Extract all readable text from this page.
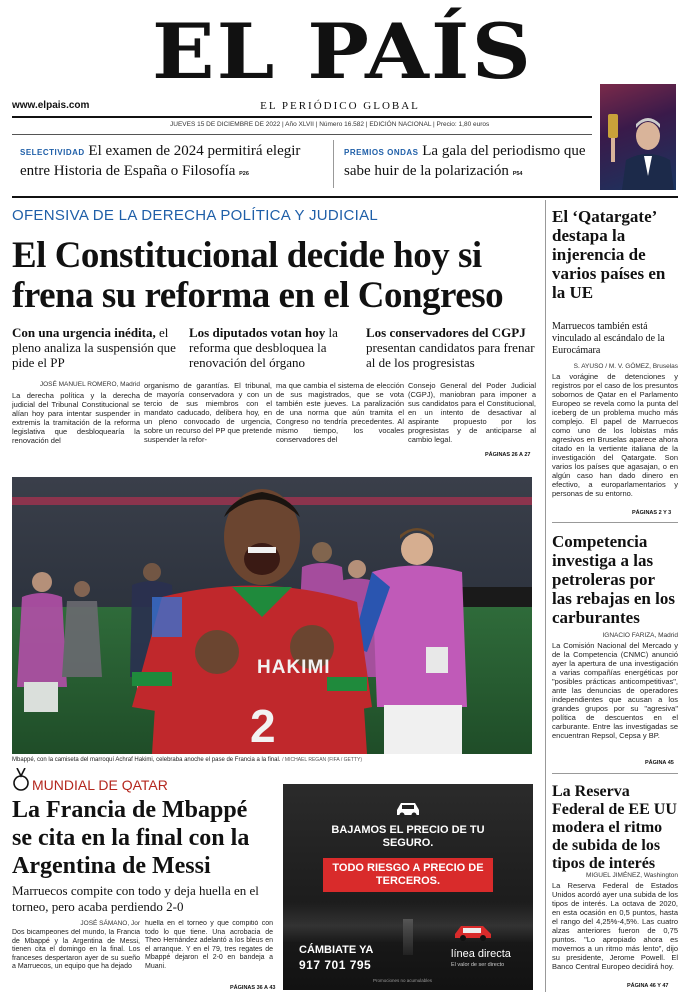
EL PAÍS
www.elpais.com	EL PERIÓDICO GLOBAL
JUEVES 15 DE DICIEMBRE DE 2022 | Año XLVII | Número 16.582 | EDICIÓN NACIONAL | Precio: 1,80 euros
SELECTIVIDAD El examen de 2024 permitirá elegir entre Historia de España o Filosofía P26
PREMIOS ONDAS La gala del periodismo que sabe huir de la polarización P54
OFENSIVA DE LA DERECHA POLÍTICA Y JUDICIAL
El Constitucional decide hoy si frena su reforma en el Congreso
Con una urgencia inédita, el pleno analiza la suspensión que pide el PP
Los diputados votan hoy la reforma que desbloquea la renovación del órgano
Los conservadores del CGPJ presentan candidatos para frenar al de los progresistas
JOSÉ MANUEL ROMERO, Madrid
La derecha política y la derecha judicial del Tribunal Constitucional se alían hoy para intentar suspender in extremis la tramitación de la reforma legislativa que desbloquearía la renovación del
organismo de garantías. El tribunal, de mayoría conservadora y con un tercio de sus miembros con el mandato caducado, delibera hoy, en un pleno convocado de urgencia, sobre un recurso del PP que pretende suspender la refor-
ma que cambia el sistema de elección de sus magistrados, que se vota también este jueves. La paralización de una norma que aún tramita el Congreso no tendría precedentes. Al mismo tiempo, los vocales conservadores del
Consejo General del Poder Judicial (CGPJ), maniobran para imponer a sus candidatos para el Constitucional, en un intento de desactivar al aspirante propuesto por los progresistas y de anticiparse al cambio legal.
PÁGINAS 26 A 27
2
HAKIMI
Mbappé, con la camiseta del marroquí Achraf Hakimi, celebraba anoche el pase de Francia a la final. / MICHAEL REGAN (FIFA / GETTY)
MUNDIAL DE QATAR
La Francia de Mbappé se cita en la final con la Argentina de Messi
Marruecos compite con todo y deja huella en el torneo, pero acaba perdiendo 2-0
JOSÉ SÁMANO, Jor
Dos bicampeones del mundo, la Francia de Mbappé y la Argentina de Messi, tienen cita el domingo en la final. Los franceses despertaron ayer de su sueño a Marruecos, un equipo que ha dejado
huella en el torneo y que compitió con todo lo que tiene. Una acrobacia de Theo Hernández adelantó a los bleus en el arranque. Y en el 79, tres regates de Mbappé dejaron el 2-0 en bandeja a Muani.
PÁGINAS 36 A 43
BAJAMOS EL PRECIO DE TU SEGURO.
TODO RIESGO A PRECIO DE TERCEROS.
CÁMBIATE YA
917 701 795
línea directa
El valor de ser directo
Promociones no acumulables
El ‘Qatargate’ destapa la injerencia de varios países en la UE
Marruecos también está vinculado al escándalo de la Eurocámara
S. AYUSO / M. V. GÓMEZ, Bruselas
La vorágine de detenciones y registros por el caso de los presuntos sobornos de Qatar en el Parlamento Europeo se revela como la punta del iceberg de un problema mucho más complejo. El papel de Marruecos como uno de los lobistas más agresivos en Bruselas aparece ahora citado en la vertiente italiana de la investigación del Qatargate. Son varios los países que agasajan, o en algún caso han dado dinero en efectivo, a europarlamentarios y personas de su entorno.
PÁGINAS 2 Y 3
Competencia investiga a las petroleras por las rebajas en los carburantes
IGNACIO FARIZA, Madrid
La Comisión Nacional del Mercado y de la Competencia (CNMC) anunció ayer la apertura de una investigación a varias compañías energéticas por "posibles prácticas anticompetitivas", ante las denuncias de operadores independientes que acusan a los grandes grupos por su "agresiva" política de descuentos en el carburante. Entre las investigadas se encuentran Repsol, Cepsa y BP.
PÁGINA 45
La Reserva Federal de EE UU modera el ritmo de subida de los tipos de interés
MIGUEL JIMÉNEZ, Washington
La Reserva Federal de Estados Unidos acordó ayer una subida de los tipos de interés. La octava de 2020, en esta ocasión en 0,5 puntos, hasta el rango del 4,25%-4,5%. Las cuatro alzas anteriores fueron de 0,75 puntos. "Lo apropiado ahora es movernos a un ritmo más lento", dijo su presidente, Jerome Powell. El Banco Central Europeo decidirá hoy.
PÁGINA 46 Y 47
